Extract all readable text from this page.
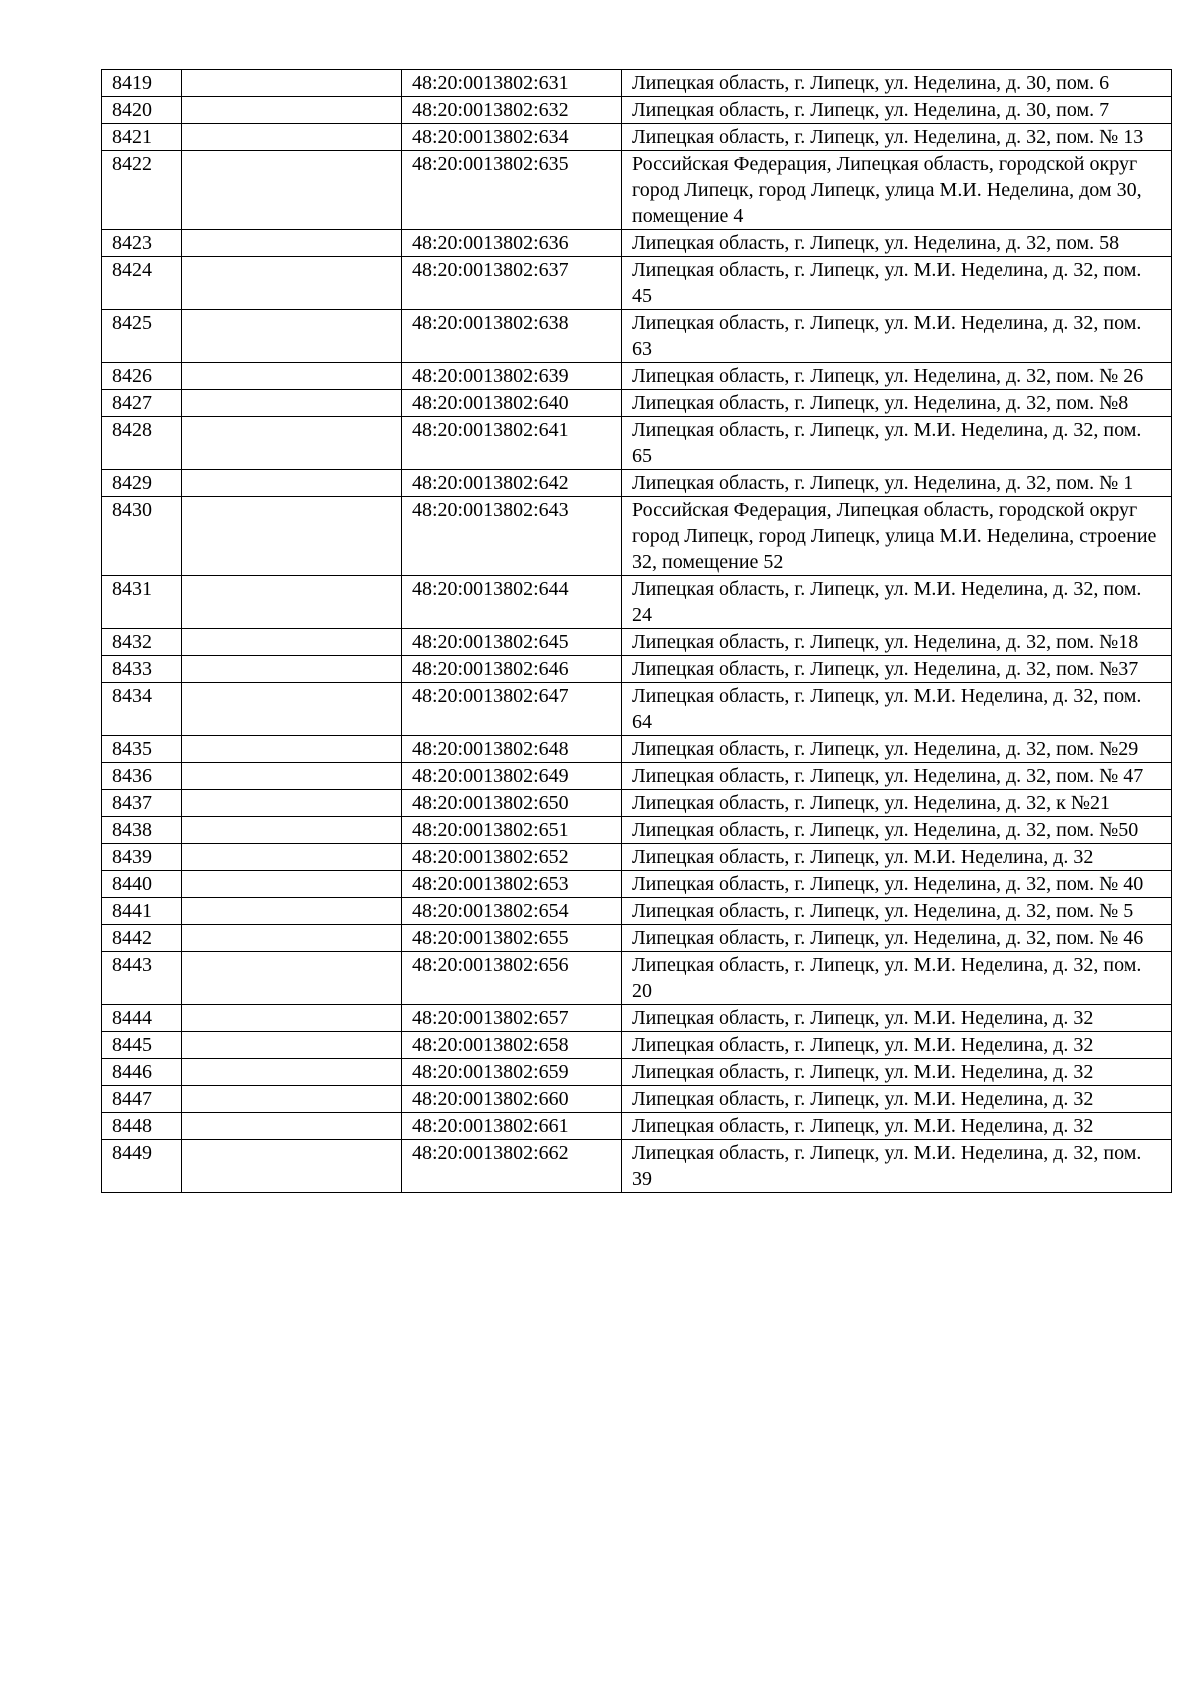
8419		48:20:0013802:631	Липецкая область, г. Липецк, ул. Неделина, д. 30, пом. 6
8420		48:20:0013802:632	Липецкая область, г. Липецк, ул. Неделина, д. 30, пом. 7
8421		48:20:0013802:634	Липецкая область, г. Липецк, ул. Неделина, д. 32, пом. № 13
8422		48:20:0013802:635	Российская Федерация, Липецкая область, городской округ город Липецк, город Липецк, улица М.И. Неделина, дом 30, помещение 4
8423		48:20:0013802:636	Липецкая область, г. Липецк, ул. Неделина, д. 32, пом. 58
8424		48:20:0013802:637	Липецкая область, г. Липецк, ул. М.И. Неделина, д. 32, пом. 45
8425		48:20:0013802:638	Липецкая область, г. Липецк, ул. М.И. Неделина, д. 32, пом. 63
8426		48:20:0013802:639	Липецкая область, г. Липецк, ул. Неделина, д. 32, пом. № 26
8427		48:20:0013802:640	Липецкая область, г. Липецк, ул. Неделина, д. 32, пом. №8
8428		48:20:0013802:641	Липецкая область, г. Липецк, ул. М.И. Неделина, д. 32, пом. 65
8429		48:20:0013802:642	Липецкая область, г. Липецк, ул. Неделина, д. 32, пом. № 1
8430		48:20:0013802:643	Российская Федерация, Липецкая область, городской округ город Липецк, город Липецк, улица М.И. Неделина, строение 32, помещение 52
8431		48:20:0013802:644	Липецкая область, г. Липецк, ул. М.И. Неделина, д. 32, пом. 24
8432		48:20:0013802:645	Липецкая область, г. Липецк, ул. Неделина, д. 32, пом. №18
8433		48:20:0013802:646	Липецкая область, г. Липецк, ул. Неделина, д. 32, пом. №37
8434		48:20:0013802:647	Липецкая область, г. Липецк, ул. М.И. Неделина, д. 32, пом. 64
8435		48:20:0013802:648	Липецкая область, г. Липецк, ул. Неделина, д. 32, пом. №29
8436		48:20:0013802:649	Липецкая область, г. Липецк, ул. Неделина, д. 32, пом. № 47
8437		48:20:0013802:650	Липецкая область, г. Липецк, ул. Неделина, д. 32, к №21
8438		48:20:0013802:651	Липецкая область, г. Липецк, ул. Неделина, д. 32, пом. №50
8439		48:20:0013802:652	Липецкая область, г. Липецк, ул. М.И. Неделина, д. 32
8440		48:20:0013802:653	Липецкая область, г. Липецк, ул. Неделина, д. 32, пом. № 40
8441		48:20:0013802:654	Липецкая область, г. Липецк, ул. Неделина, д. 32, пом. № 5
8442		48:20:0013802:655	Липецкая область, г. Липецк, ул. Неделина, д. 32, пом. № 46
8443		48:20:0013802:656	Липецкая область, г. Липецк, ул. М.И. Неделина, д. 32, пом. 20
8444		48:20:0013802:657	Липецкая область, г. Липецк, ул. М.И. Неделина, д. 32
8445		48:20:0013802:658	Липецкая область, г. Липецк, ул. М.И. Неделина, д. 32
8446		48:20:0013802:659	Липецкая область, г. Липецк, ул. М.И. Неделина, д. 32
8447		48:20:0013802:660	Липецкая область, г. Липецк, ул. М.И. Неделина, д. 32
8448		48:20:0013802:661	Липецкая область, г. Липецк, ул. М.И. Неделина, д. 32
8449		48:20:0013802:662	Липецкая область, г. Липецк, ул. М.И. Неделина, д. 32, пом. 39
